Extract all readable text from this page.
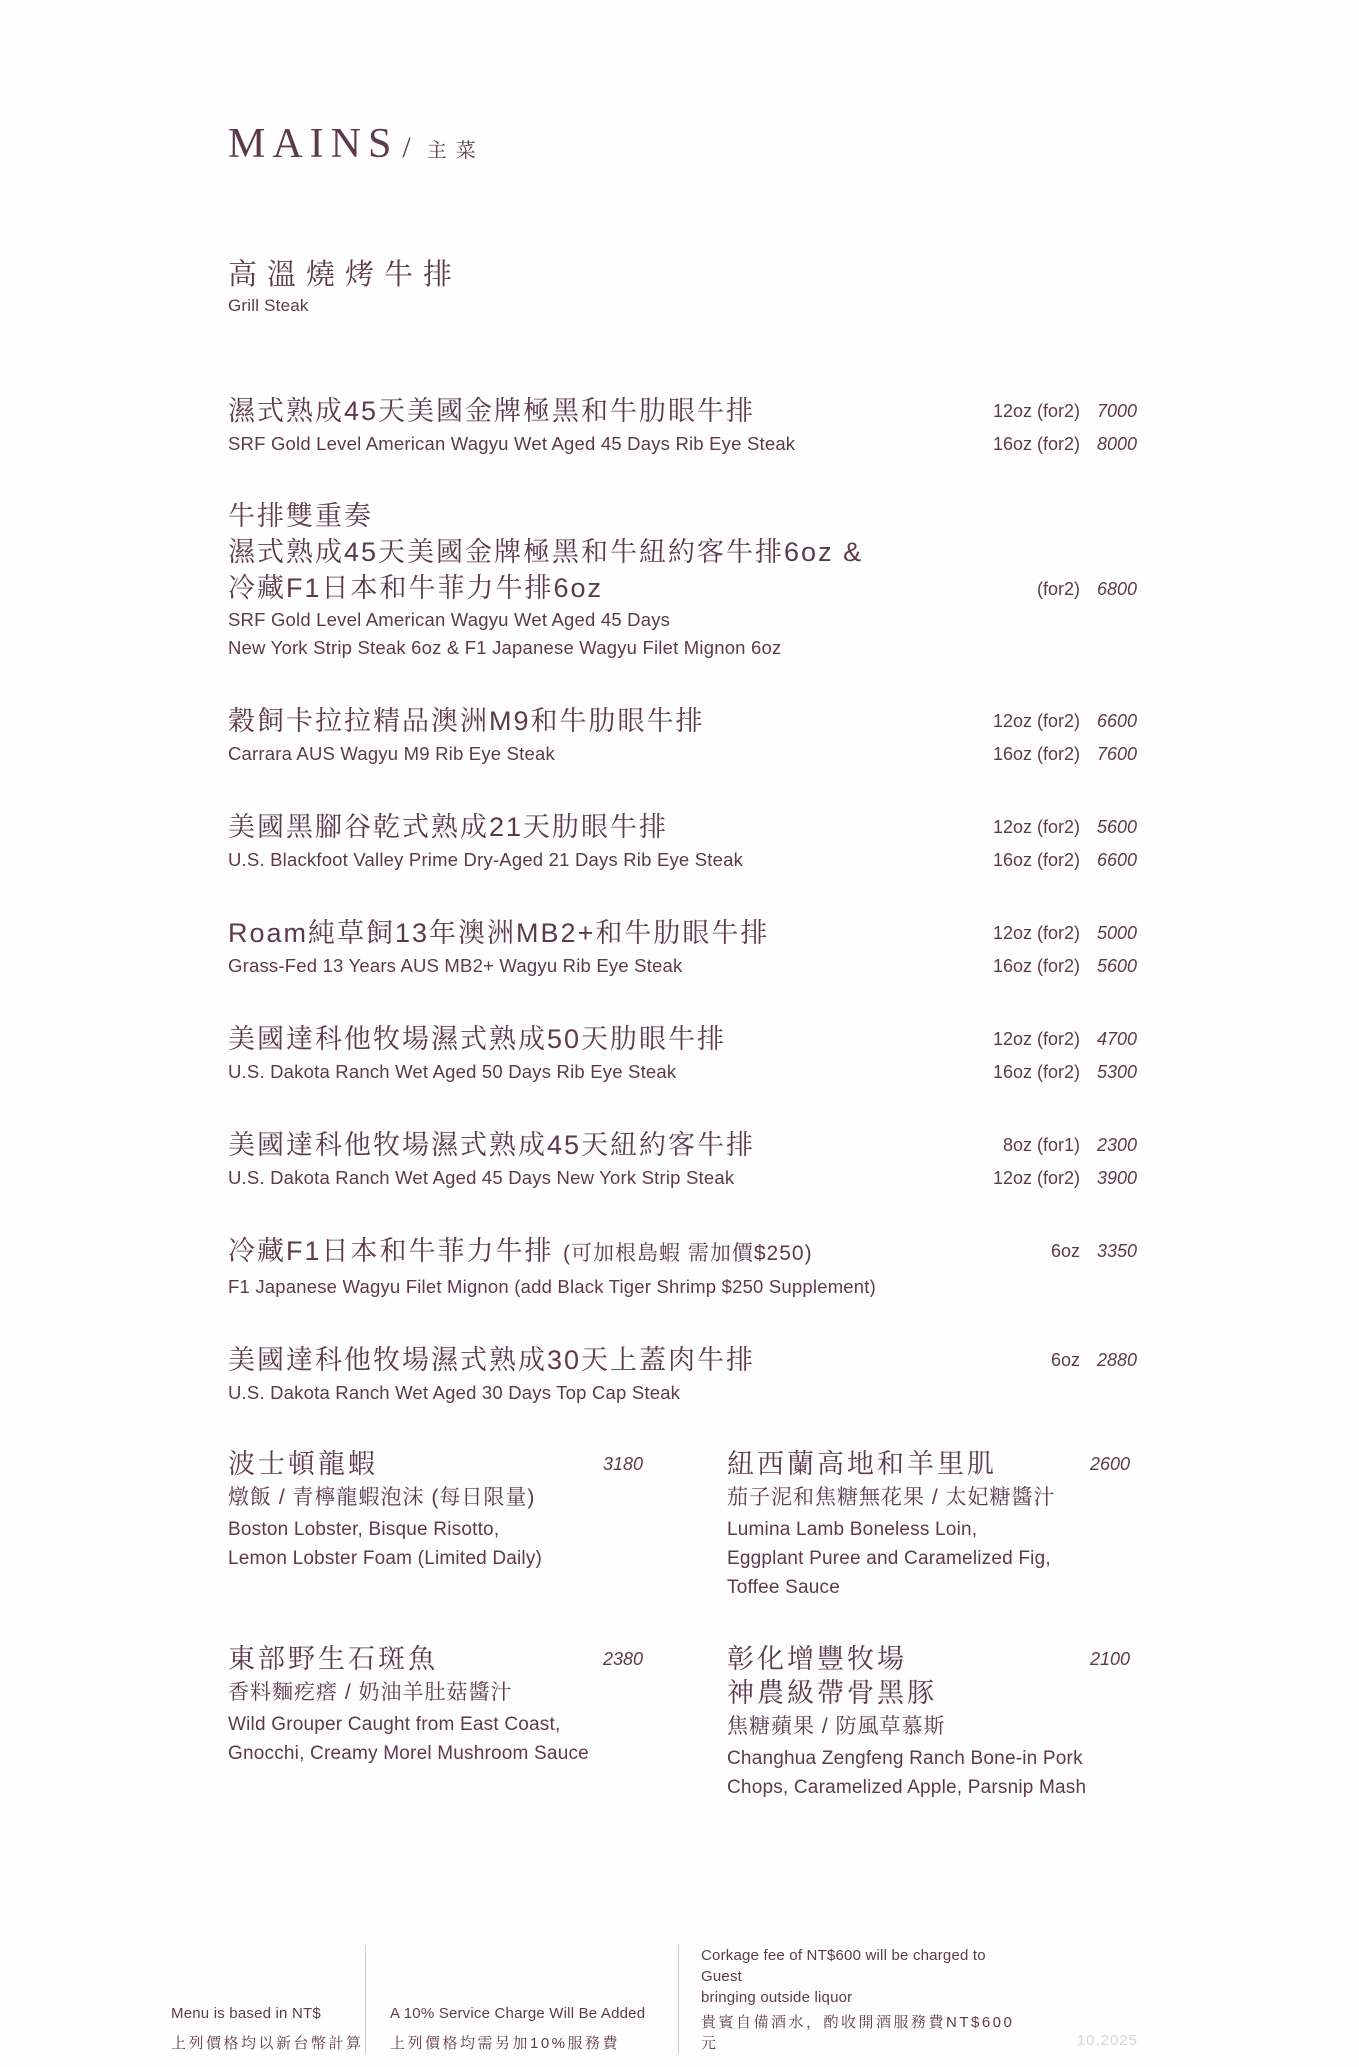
MAINS / 主菜
高溫燒烤牛排
Grill Steak
濕式熟成45天美國金牌極黑和牛肋眼牛排
SRF Gold Level American Wagyu Wet Aged 45 Days Rib Eye Steak
12oz (for2) 7000
16oz (for2) 8000
牛排雙重奏
濕式熟成45天美國金牌極黑和牛紐約客牛排6oz &
冷藏F1日本和牛菲力牛排6oz
SRF Gold Level American Wagyu Wet Aged 45 Days
New York Strip Steak 6oz & F1 Japanese Wagyu Filet Mignon 6oz
(for2) 6800
穀飼卡拉拉精品澳洲M9和牛肋眼牛排
Carrara AUS Wagyu M9 Rib Eye Steak
12oz (for2) 6600
16oz (for2) 7600
美國黑腳谷乾式熟成21天肋眼牛排
U.S. Blackfoot Valley Prime Dry-Aged 21 Days Rib Eye Steak
12oz (for2) 5600
16oz (for2) 6600
Roam純草飼13年澳洲MB2+和牛肋眼牛排
Grass-Fed 13 Years AUS MB2+ Wagyu Rib Eye Steak
12oz (for2) 5000
16oz (for2) 5600
美國達科他牧場濕式熟成50天肋眼牛排
U.S. Dakota Ranch Wet Aged 50 Days Rib Eye Steak
12oz (for2) 4700
16oz (for2) 5300
美國達科他牧場濕式熟成45天紐約客牛排
U.S. Dakota Ranch Wet Aged 45 Days New York Strip Steak
8oz (for1) 2300
12oz (for2) 3900
冷藏F1日本和牛菲力牛排 (可加根島蝦 需加價$250)
F1 Japanese Wagyu Filet Mignon (add Black Tiger Shrimp $250 Supplement)
6oz 3350
美國達科他牧場濕式熟成30天上蓋肉牛排
U.S. Dakota Ranch Wet Aged 30 Days Top Cap Steak
6oz 2880
波士頓龍蝦	3180
燉飯 / 青檸龍蝦泡沫 (每日限量)
Boston Lobster, Bisque Risotto,
Lemon Lobster Foam (Limited Daily)
紐西蘭高地和羊里肌	2600
茄子泥和焦糖無花果 / 太妃糖醬汁
Lumina Lamb Boneless Loin,
Eggplant Puree and Caramelized Fig,
Toffee Sauce
東部野生石斑魚	2380
香料麵疙瘩 / 奶油羊肚菇醬汁
Wild Grouper Caught from East Coast,
Gnocchi, Creamy Morel Mushroom Sauce
彰化增豐牧場
神農級帶骨黑豚
2100
焦糖蘋果 / 防風草慕斯
Changhua Zengfeng Ranch Bone-in Pork
Chops, Caramelized Apple, Parsnip Mash
Menu is based in NT$
上列價格均以新台幣計算
A 10% Service Charge Will Be Added
上列價格均需另加10%服務費
Corkage fee of NT$600 will be charged to Guest
bringing outside liquor
貴賓自備酒水，酌收開酒服務費NT$600元	10.2025
